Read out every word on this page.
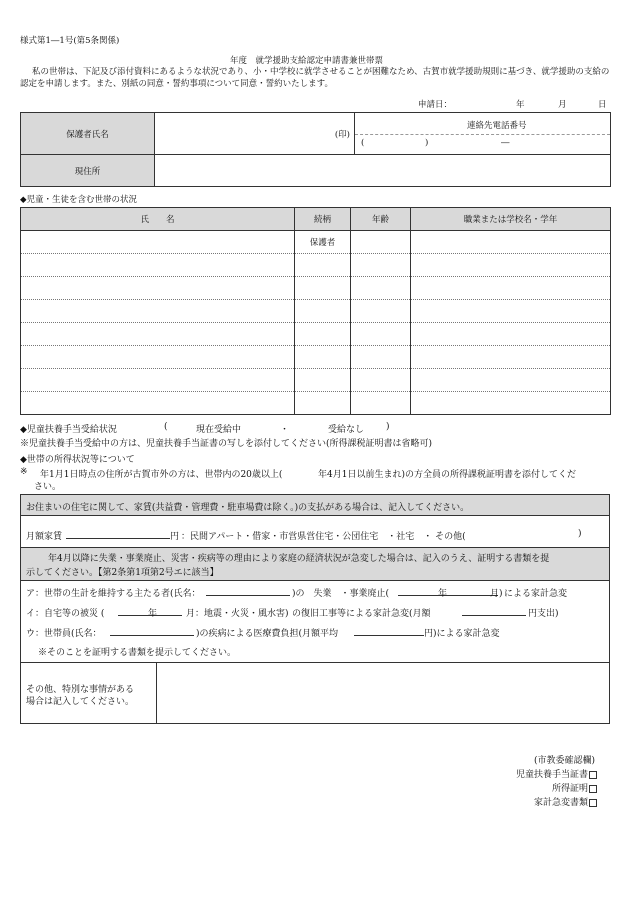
様式第1―1号(第5条関係)
年度　就学援助支給認定申請書兼世帯票
私の世帯は、下記及び添付資料にあるような状況であり、小・中学校に就学させることが困難なため、古賀市就学援助規則に基づき、就学援助の支給の認定を申請します。また、別紙の同意・誓約事項について同意・誓約いたします。
申請日：	年	月	日
保護者氏名	(印)	連絡先電話番号
( ) ―

現住所		
◆児童・生徒を含む世帯の状況
氏　　名	続柄	年齢	職業または学校名・学年
	保護者		

◆児童扶養手当受給状況	(	現在受給中	・	受給なし )
※児童扶養手当受給中の方は、児童扶養手当証書の写しを添付してください(所得課税証明書は省略可)
◆世帯の所得状況等について
※ 年1月1日時点の住所が古賀市外の方は、世帯内の20歳以上(	年4月1日以前生まれ)の方全員の所得課税証明書を添付してくだ
さい。
お住まいの住宅に関して、家賃(共益費・管理費・駐車場費は除く。)の支払がある場合は、記入してください。
月額家賃	円 ：民間アパート・借家・市営県営住宅・公団住宅　・社宅　・ その他(	)
年4月以降に失業・事業廃止、災害・疾病等の理由により家庭の経済状況が急変した場合は、記入のうえ、証明する書類を提
示してください。【第2条第1項第2号エに該当】
ア：世帯の生計を維持する主たる者(氏名：	)の　失業　・事業廃止(	年	月) による家計急変
イ：自宅等の被災 (	年	月：地震・火災・風水害) の復旧工事等による家計急変(月額	円支出)
ウ：世帯員(氏名：	)の疾病による医療費負担(月額平均	円)による家計急変
※そのことを証明する書類を提示してください。
その他、特別な事情がある
場合は記入してください。
(市教委確認欄)
児童扶養手当証書
所得証明
家計急変書類
